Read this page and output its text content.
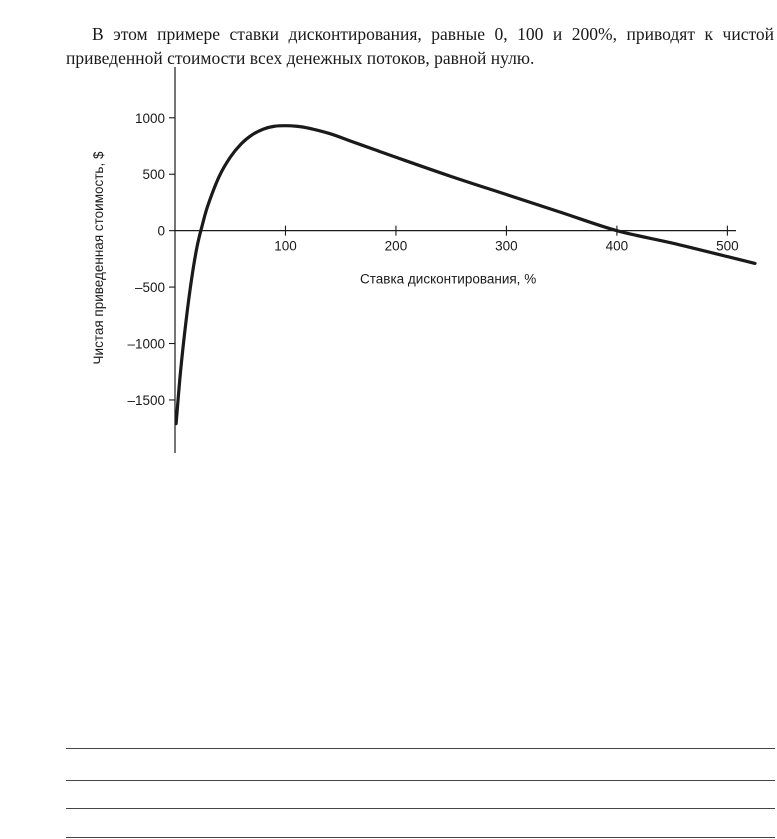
В этом примере ставки дисконтирования, равные 0, 100 и 200%, приводят к чистой приведенной стоимости всех денежных потоков, равной нулю.

100	200	300	400	500
1000
500
0
–500
–1000
–1500
Ставка дисконтирования, %
Чистая приведенная стоимость, $
